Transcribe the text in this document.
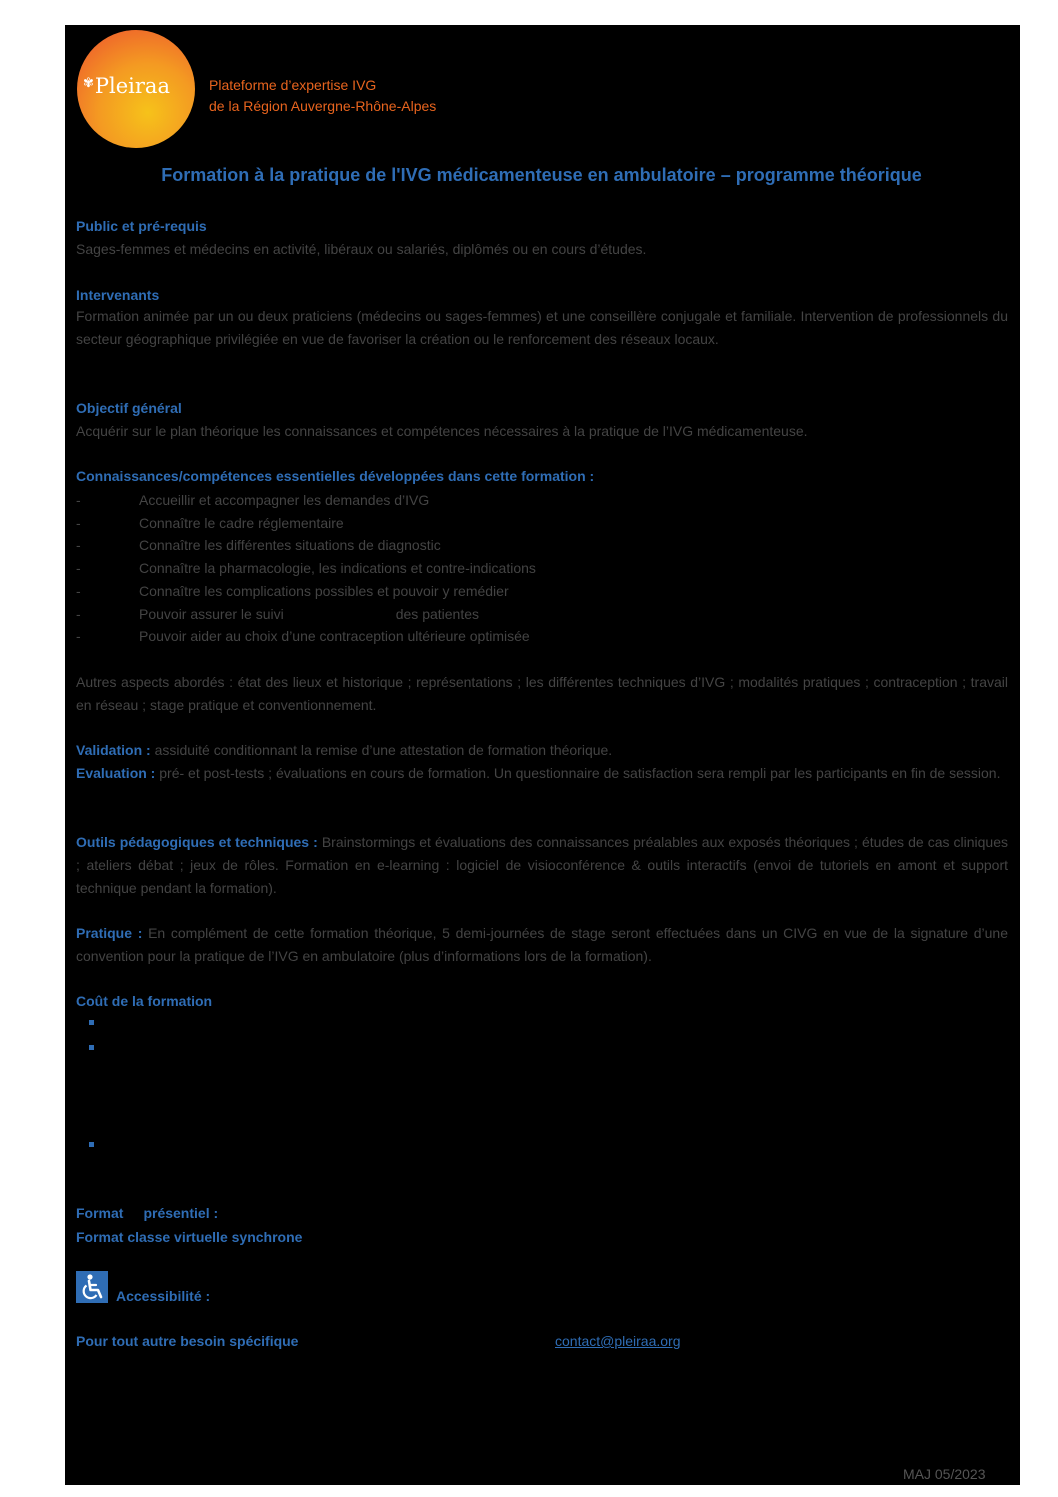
✾Pleiraa	Plateforme d’expertise IVG
de la Région Auvergne-Rhône-Alpes
Formation à la pratique de l'IVG médicamenteuse en ambulatoire – programme théorique
Public et pré-requis
Sages-femmes et médecins en activité, libéraux ou salariés, diplômés ou en cours d’études.
Intervenants
Formation animée par un ou deux praticiens (médecins ou sages-femmes) et une conseillère conjugale et familiale. Intervention de professionnels du secteur géographique privilégiée en vue de favoriser la création ou le renforcement des réseaux locaux.
Objectif général
Acquérir sur le plan théorique les connaissances et compétences nécessaires à la pratique de l’IVG médicamenteuse.
Connaissances/compétences essentielles développées dans cette formation :
-	Accueillir et accompagner les demandes d’IVG
-	Connaître le cadre réglementaire
-	Connaître les différentes situations de diagnostic
-	Connaître la pharmacologie, les indications et contre-indications
-	Connaître les complications possibles et pouvoir y remédier
-	Pouvoir assurer le suivi	des patientes
-	Pouvoir aider au choix d’une contraception ultérieure optimisée
Autres aspects abordés : état des lieux et historique ; représentations ; les différentes techniques d’IVG ; modalités pratiques ; contraception ; travail en réseau ; stage pratique et conventionnement.
Validation : assiduité conditionnant la remise d’une attestation de formation théorique.
Evaluation : pré- et post-tests ; évaluations en cours de formation. Un questionnaire de satisfaction sera rempli par les participants en fin de session.
Outils pédagogiques et techniques : Brainstormings et évaluations des connaissances préalables aux exposés théoriques ; études de cas cliniques ; ateliers débat ; jeux de rôles. Formation en e-learning : logiciel de visioconférence & outils interactifs (envoi de tutoriels en amont et support technique pendant la formation).
Pratique : En complément de cette formation théorique, 5 demi-journées de stage seront effectuées dans un CIVG en vue de la signature d’une convention pour la pratique de l’IVG en ambulatoire (plus d’informations lors de la formation).
Coût de la formation
Format présentiel :
Format classe virtuelle synchrone
Accessibilité :
Pour tout autre besoin spécifique	contact@pleiraa.org
MAJ 05/2023
